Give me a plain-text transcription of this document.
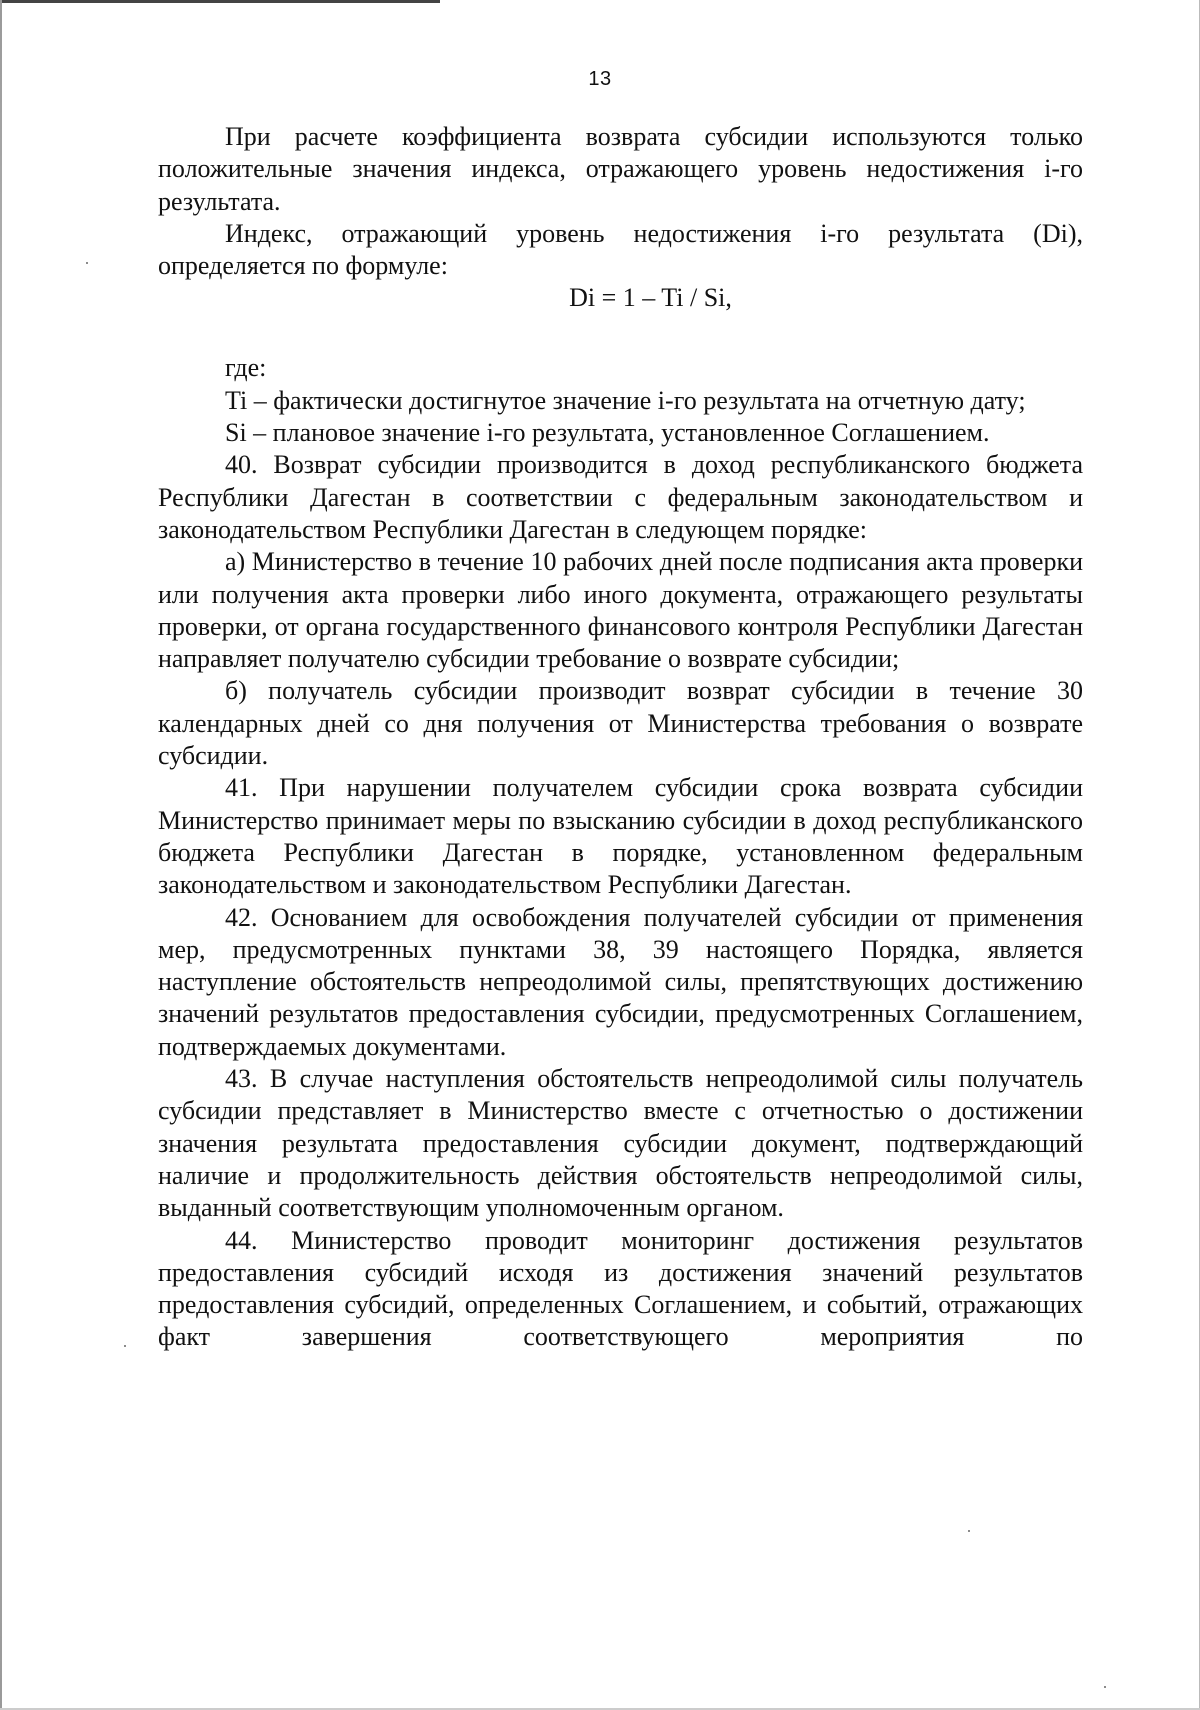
13

При расчете коэффициента возврата субсидии используются только положительные значения индекса, отражающего уровень недостижения i-го результата.

Индекс, отражающий уровень недостижения i-го результата (Di), определяется по формуле:

Di = 1 – Ti / Si,

где:

Ti – фактически достигнутое значение i-го результата на отчетную дату;

Si – плановое значение i-го результата, установленное Соглашением.

40. Возврат субсидии производится в доход республиканского бюджета Республики Дагестан в соответствии с федеральным законодательством и законодательством Республики Дагестан в следующем порядке:

а) Министерство в течение 10 рабочих дней после подписания акта проверки или получения акта проверки либо иного документа, отражающего результаты проверки, от органа государственного финансового контроля Республики Дагестан направляет получателю субсидии требование о возврате субсидии;

б) получатель субсидии производит возврат субсидии в течение 30 календарных дней со дня получения от Министерства требования о возврате субсидии.

41. При нарушении получателем субсидии срока возврата субсидии Министерство принимает меры по взысканию субсидии в доход республиканского бюджета Республики Дагестан в порядке, установленном федеральным законодательством и законодательством Республики Дагестан.

42. Основанием для освобождения получателей субсидии от применения мер, предусмотренных пунктами 38, 39 настоящего Порядка, является наступление обстоятельств непреодолимой силы, препятствующих достижению значений результатов предоставления субсидии, предусмотренных Соглашением, подтверждаемых документами.

43. В случае наступления обстоятельств непреодолимой силы получатель субсидии представляет в Министерство вместе с отчетностью о достижении значения результата предоставления субсидии документ, подтверждающий наличие и продолжительность действия обстоятельств непреодолимой силы, выданный соответствующим уполномоченным органом.

44. Министерство проводит мониторинг достижения результатов предоставления субсидий исходя из достижения значений результатов предоставления субсидий, определенных Соглашением, и событий, отражающих факт завершения соответствующего мероприятия по
